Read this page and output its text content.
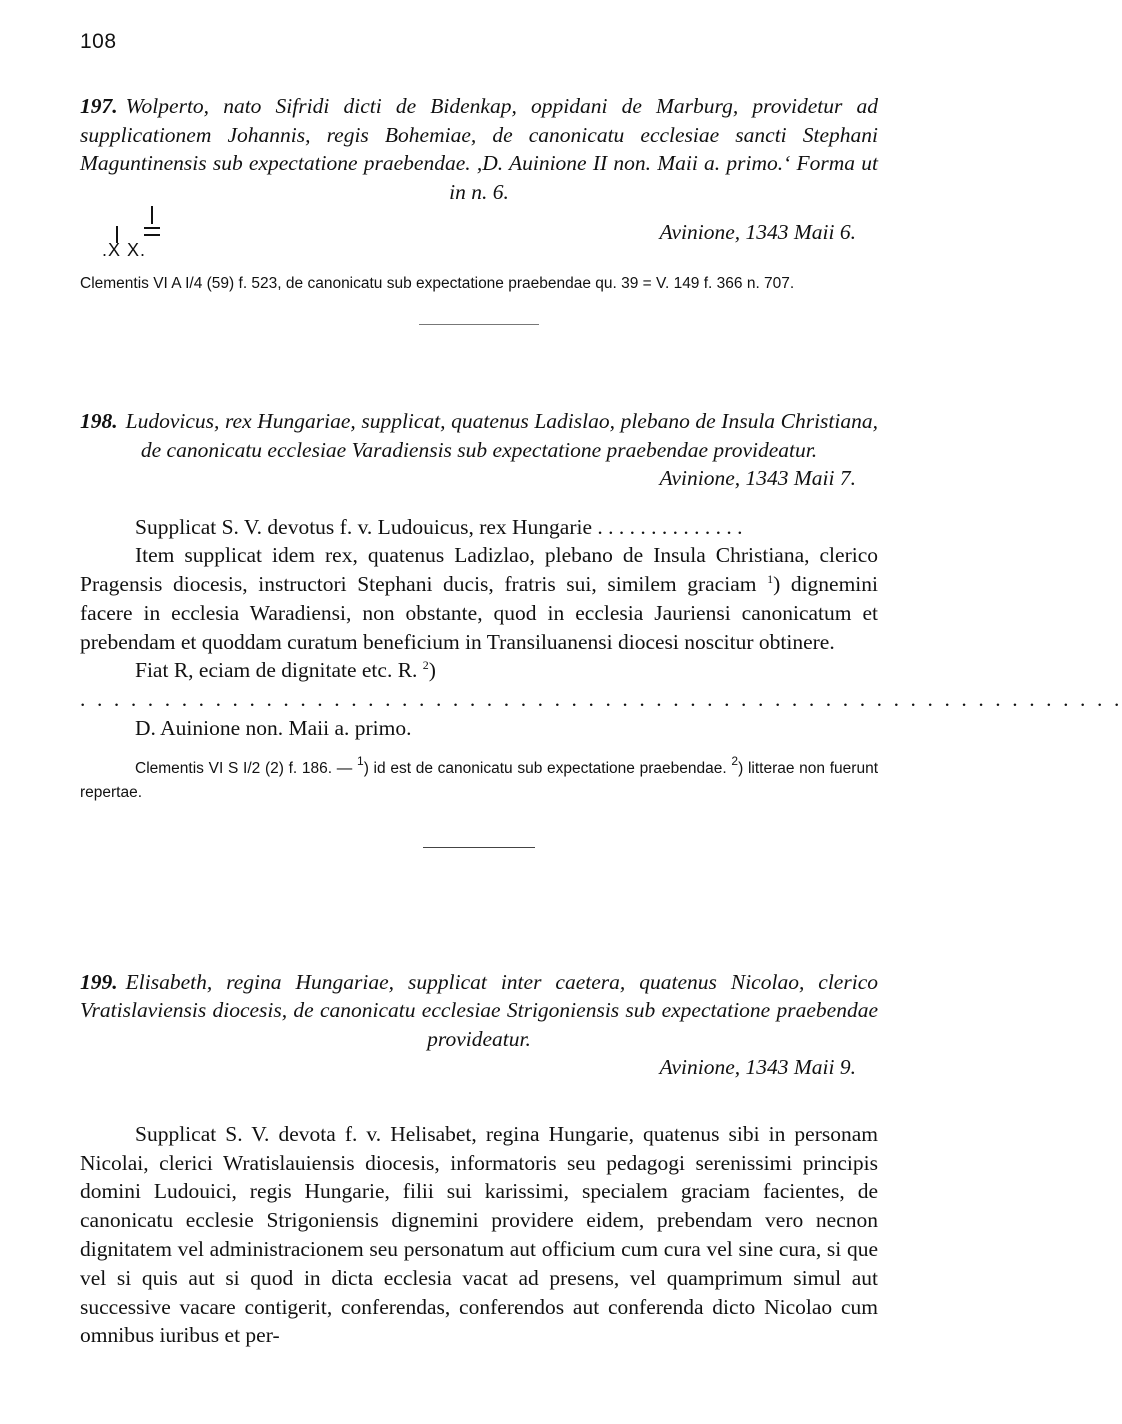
108

197. Wolperto, nato Sifridi dicti de Bidenkap, oppidani de Marburg, providetur ad supplicationem Johannis, regis Bohemiae, de canonicatu ecclesiae sancti Stephani Maguntinensis sub expectatione praebendae. ,D. Auinione II non. Maii a. primo.‘ Forma ut in n. 6.

.X X.

Avinione, 1343 Maii 6.

Clementis VI A I/4 (59) f. 523, de canonicatu sub expectatione praebendae qu. 39 = V. 149 f. 366 n. 707.

198. Ludovicus, rex Hungariae, supplicat, quatenus Ladislao, plebano de Insula Christiana, de canonicatu ecclesiae Varadiensis sub expectatione praebendae provideatur.

Avinione, 1343 Maii 7.

Supplicat S. V. devotus f. v. Ludouicus, rex Hungarie . . . . . . . . . . . . . .

Item supplicat idem rex, quatenus Ladizlao, plebano de Insula Christiana, clerico Pragensis diocesis, instructori Stephani ducis, fratris sui, similem graciam $^1$) dignemini facere in ecclesia Waradiensi, non obstante, quod in ecclesia Jauriensi canonicatum et prebendam et quoddam curatum beneficium in Transiluanensi diocesi noscitur obtinere.

Fiat R, eciam de dignitate etc. R. $^2$)

. . . . . . . . . . . . . . . . . . . . . . . . . . . . . . . . . . . . . . . . . . . . . . . . . . . . . . . . . . . . . .

D. Auinione non. Maii a. primo.

Clementis VI S I/2 (2) f. 186. — $^1$) id est de canonicatu sub expectatione praebendae. $^2$) litterae non fuerunt repertae.

199. Elisabeth, regina Hungariae, supplicat inter caetera, quatenus Nicolao, clerico Vratislaviensis diocesis, de canonicatu ecclesiae Strigoniensis sub expectatione praebendae provideatur.

Avinione, 1343 Maii 9.

Supplicat S. V. devota f. v. Helisabet, regina Hungarie, quatenus sibi in personam Nicolai, clerici Wratislauiensis diocesis, informatoris seu pedagogi serenissimi principis domini Ludouici, regis Hungarie, filii sui karissimi, specialem graciam facientes, de canonicatu ecclesie Strigoniensis dignemini providere eidem, prebendam vero necnon dignitatem vel administracionem seu personatum aut officium cum cura vel sine cura, si que vel si quis aut si quod in dicta ecclesia vacat ad presens, vel quamprimum simul aut successive vacare contigerit, conferendas, conferendos aut conferenda dicto Nicolao cum omnibus iuribus et per-
